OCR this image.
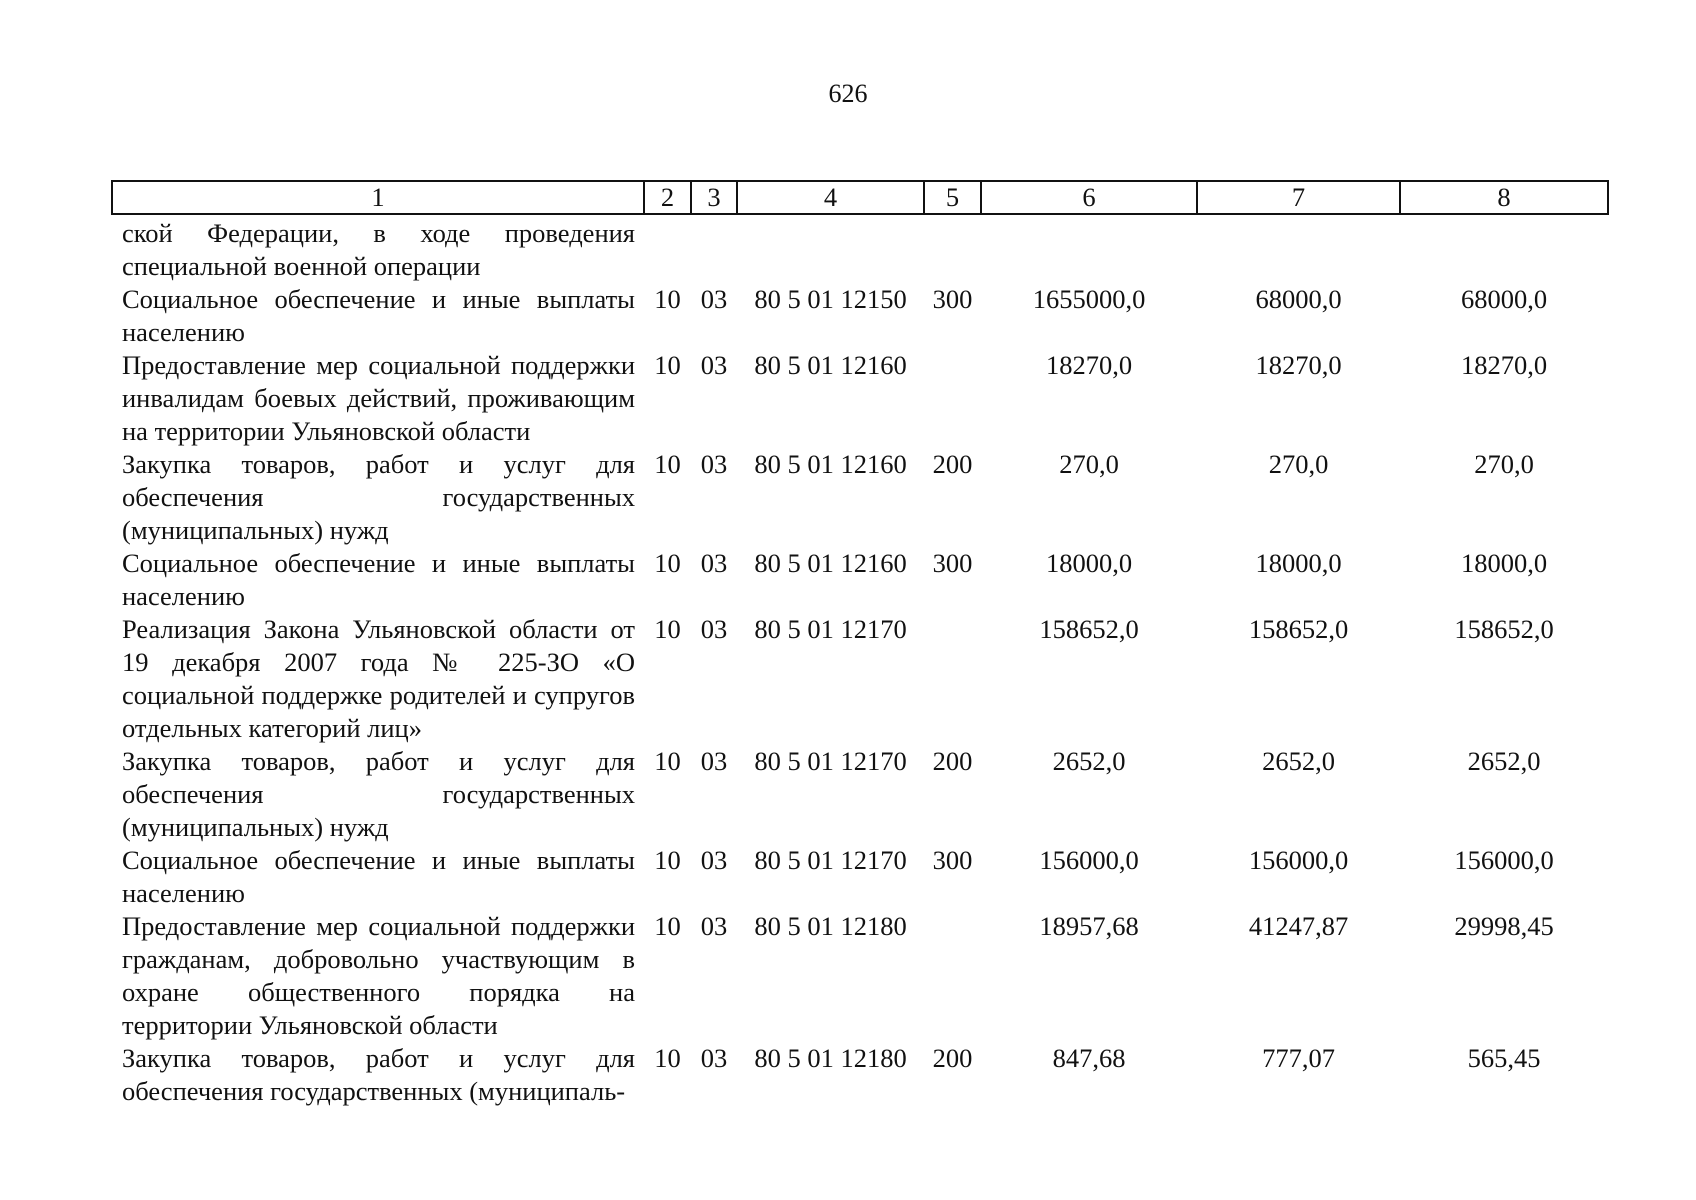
626
1	2	3	4	5	6	7	8
ской Федерации, в ходе проведения специальной военной операции							
Социальное обеспечение и иные выплаты населению	10	03	80 5 01 12150	300	1655000,0	68000,0	68000,0
Предоставление мер социальной поддержки инвалидам боевых действий, проживающим на территории Ульяновской области	10	03	80 5 01 12160		18270,0	18270,0	18270,0
Закупка товаров, работ и услуг для обеспечения государственных (муниципальных) нужд	10	03	80 5 01 12160	200	270,0	270,0	270,0
Социальное обеспечение и иные выплаты населению	10	03	80 5 01 12160	300	18000,0	18000,0	18000,0
Реализация Закона Ульяновской области от 19 декабря 2007 года № 225-ЗО «О социальной поддержке родителей и супругов отдельных категорий лиц»	10	03	80 5 01 12170		158652,0	158652,0	158652,0
Закупка товаров, работ и услуг для обеспечения государственных (муниципальных) нужд	10	03	80 5 01 12170	200	2652,0	2652,0	2652,0
Социальное обеспечение и иные выплаты населению	10	03	80 5 01 12170	300	156000,0	156000,0	156000,0
Предоставление мер социальной поддержки гражданам, добровольно участвующим в охране общественного порядка на территории Ульяновской области	10	03	80 5 01 12180		18957,68	41247,87	29998,45
Закупка товаров, работ и услуг для обеспечения государственных (муниципаль-	10	03	80 5 01 12180	200	847,68	777,07	565,45
